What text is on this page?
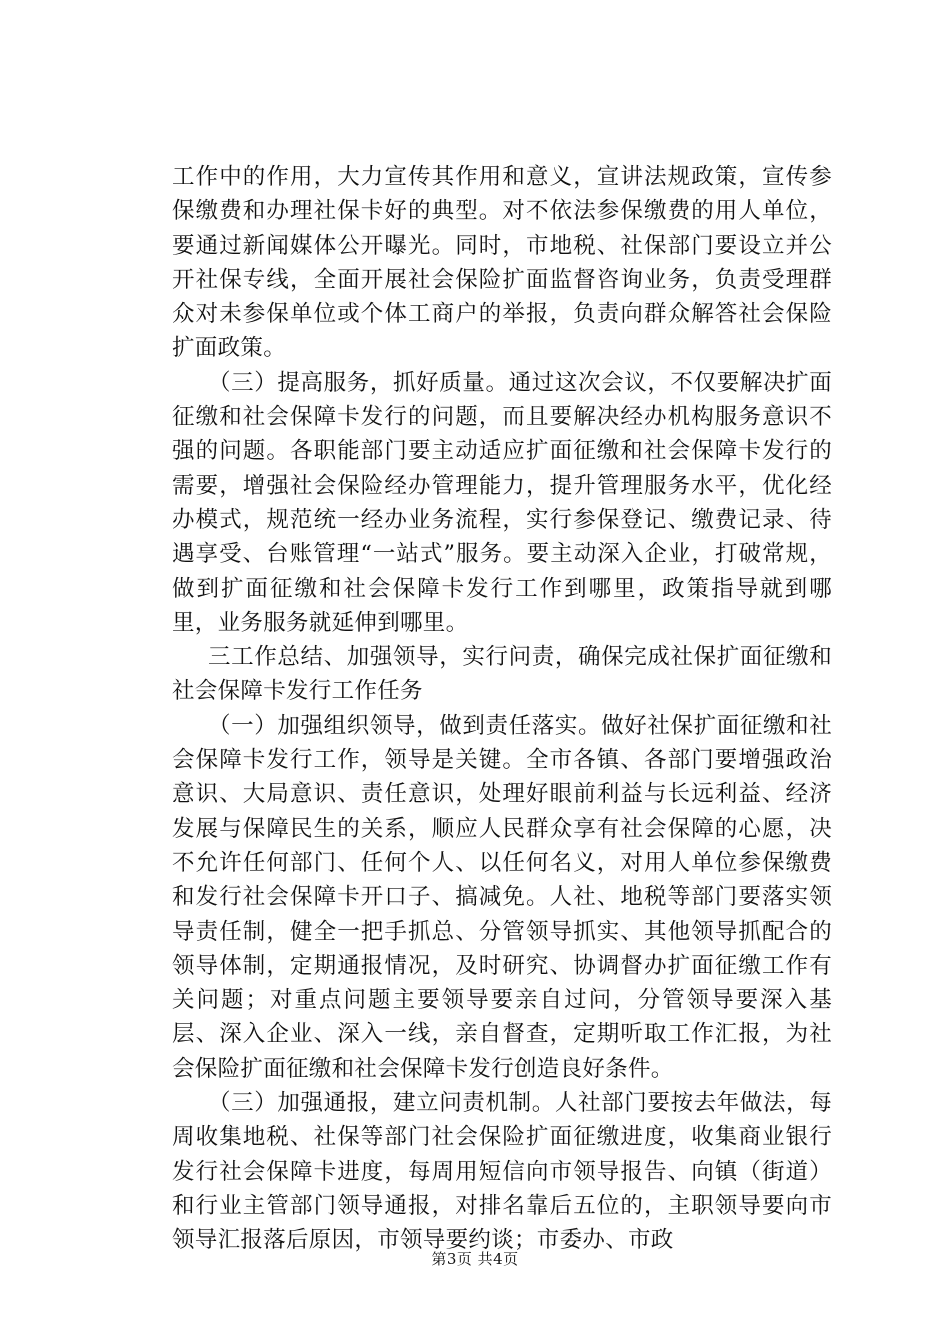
工作中的作用，大力宣传其作用和意义，宣讲法规政策，宣传参保缴费和办理社保卡好的典型。对不依法参保缴费的用人单位，要通过新闻媒体公开曝光。同时，市地税、社保部门要设立并公开社保专线，全面开展社会保险扩面监督咨询业务，负责受理群众对未参保单位或个体工商户的举报，负责向群众解答社会保险扩面政策。

（三）提高服务，抓好质量。通过这次会议，不仅要解决扩面征缴和社会保障卡发行的问题，而且要解决经办机构服务意识不强的问题。各职能部门要主动适应扩面征缴和社会保障卡发行的需要，增强社会保险经办管理能力，提升管理服务水平，优化经办模式，规范统一经办业务流程，实行参保登记、缴费记录、待遇享受、台账管理“一站式”服务。要主动深入企业，打破常规，做到扩面征缴和社会保障卡发行工作到哪里，政策指导就到哪里，业务服务就延伸到哪里。

三工作总结、加强领导，实行问责，确保完成社保扩面征缴和社会保障卡发行工作任务

（一）加强组织领导，做到责任落实。做好社保扩面征缴和社会保障卡发行工作，领导是关键。全市各镇、各部门要增强政治意识、大局意识、责任意识，处理好眼前利益与长远利益、经济发展与保障民生的关系，顺应人民群众享有社会保障的心愿，决不允许任何部门、任何个人、以任何名义，对用人单位参保缴费和发行社会保障卡开口子、搞减免。人社、地税等部门要落实领导责任制，健全一把手抓总、分管领导抓实、其他领导抓配合的领导体制，定期通报情况，及时研究、协调督办扩面征缴工作有关问题；对重点问题主要领导要亲自过问，分管领导要深入基层、深入企业、深入一线，亲自督查，定期听取工作汇报，为社会保险扩面征缴和社会保障卡发行创造良好条件。

（三）加强通报，建立问责机制。人社部门要按去年做法，每周收集地税、社保等部门社会保险扩面征缴进度，收集商业银行发行社会保障卡进度，每周用短信向市领导报告、向镇（街道）和行业主管部门领导通报，对排名靠后五位的，主职领导要向市领导汇报落后原因，市领导要约谈；市委办、市政

第3页 共4页
